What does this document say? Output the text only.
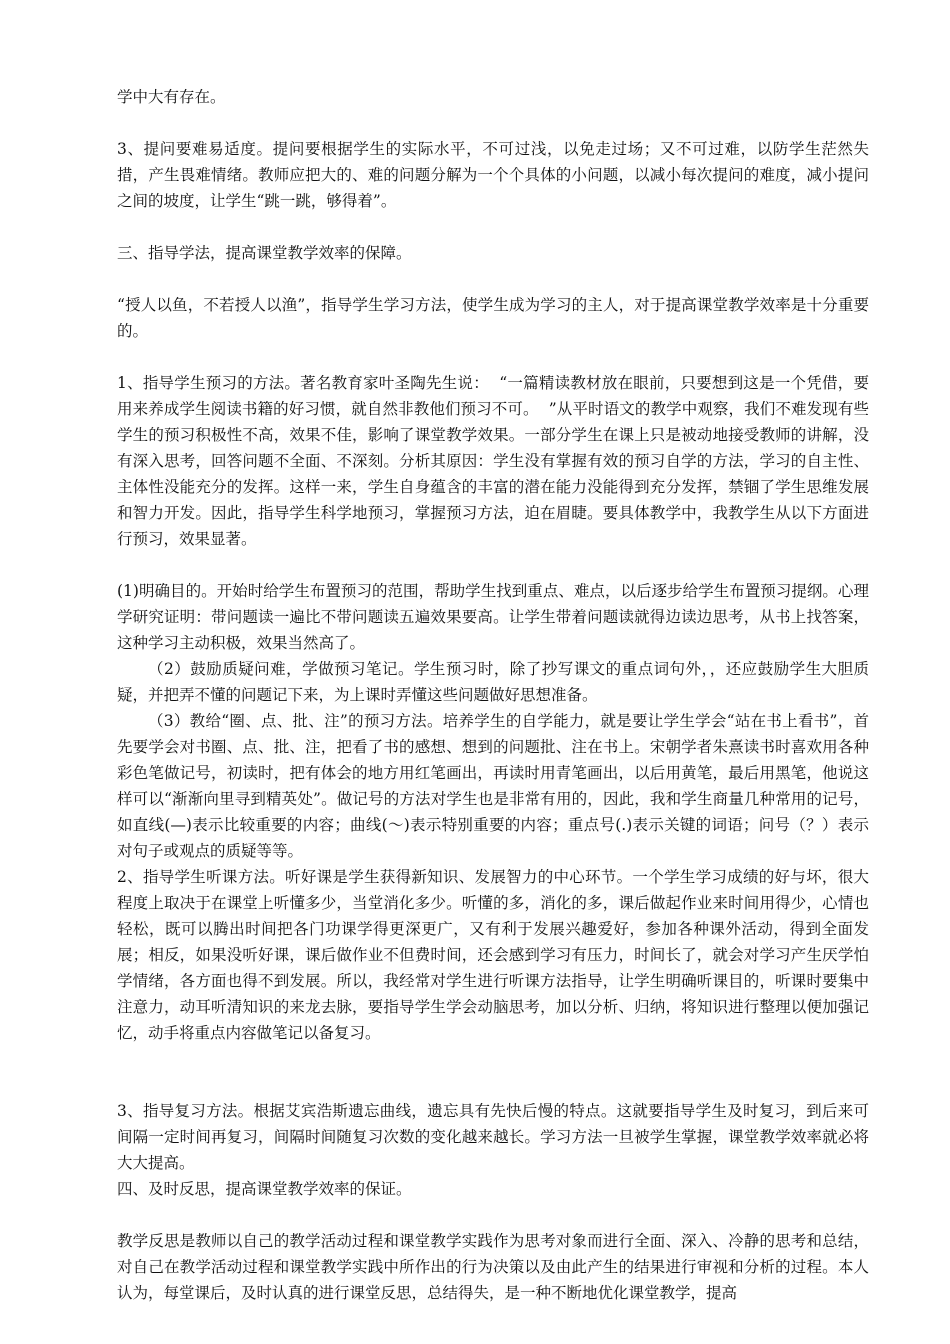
学中大有存在。
3、提问要难易适度。提问要根据学生的实际水平，不可过浅，以免走过场；又不可过难，以防学生茫然失措，产生畏难情绪。教师应把大的、难的问题分解为一个个具体的小问题，以减小每次提问的难度，减小提问之间的坡度，让学生“跳一跳，够得着”。
三、指导学法，提高课堂教学效率的保障。
“授人以鱼，不若授人以渔”，指导学生学习方法，使学生成为学习的主人，对于提高课堂教学效率是十分重要的。
1、指导学生预习的方法。著名教育家叶圣陶先生说：  “一篇精读教材放在眼前，只要想到这是一个凭借，要用来养成学生阅读书籍的好习惯，就自然非教他们预习不可。  ”从平时语文的教学中观察，我们不难发现有些学生的预习积极性不高，效果不佳，影响了课堂教学效果。一部分学生在课上只是被动地接受教师的讲解，没有深入思考，回答问题不全面、不深刻。分析其原因：学生没有掌握有效的预习自学的方法，学习的自主性、主体性没能充分的发挥。这样一来，学生自身蕴含的丰富的潜在能力没能得到充分发挥，禁锢了学生思维发展和智力开发。因此，指导学生科学地预习，掌握预习方法，迫在眉睫。要具体教学中，我教学生从以下方面进行预习，效果显著。
(1)明确目的。开始时给学生布置预习的范围，帮助学生找到重点、难点，以后逐步给学生布置预习提纲。心理学研究证明：带问题读一遍比不带问题读五遍效果要高。让学生带着问题读就得边读边思考，从书上找答案，这种学习主动积极，效果当然高了。
（2）鼓励质疑问难，学做预习笔记。学生预习时，除了抄写课文的重点词句外，，还应鼓励学生大胆质疑，并把弄不懂的问题记下来，为上课时弄懂这些问题做好思想准备。
（3）教给“圈、点、批、注”的预习方法。培养学生的自学能力，就是要让学生学会“站在书上看书”，首先要学会对书圈、点、批、注，把看了书的感想、想到的问题批、注在书上。宋朝学者朱熹读书时喜欢用各种彩色笔做记号，初读时，把有体会的地方用红笔画出，再读时用青笔画出，以后用黄笔，最后用黑笔，他说这样可以“渐渐向里寻到精英处”。做记号的方法对学生也是非常有用的，因此，我和学生商量几种常用的记号，如直线(—)表示比较重要的内容；曲线(～)表示特别重要的内容；重点号(.)表示关键的词语；问号（？）表示对句子或观点的质疑等等。
2、指导学生听课方法。听好课是学生获得新知识、发展智力的中心环节。一个学生学习成绩的好与坏，很大程度上取决于在课堂上听懂多少，当堂消化多少。听懂的多，消化的多，课后做起作业来时间用得少，心情也轻松，既可以腾出时间把各门功课学得更深更广，又有利于发展兴趣爱好，参加各种课外活动，得到全面发展；相反，如果没听好课，课后做作业不但费时间，还会感到学习有压力，时间长了，就会对学习产生厌学怕学情绪，各方面也得不到发展。所以，我经常对学生进行听课方法指导，让学生明确听课目的，听课时要集中注意力，动耳听清知识的来龙去脉，要指导学生学会动脑思考，加以分析、归纳，将知识进行整理以便加强记忆，动手将重点内容做笔记以备复习。
3、指导复习方法。根据艾宾浩斯遗忘曲线，遗忘具有先快后慢的特点。这就要指导学生及时复习，到后来可间隔一定时间再复习，间隔时间随复习次数的变化越来越长。学习方法一旦被学生掌握，课堂教学效率就必将大大提高。
四、及时反思，提高课堂教学效率的保证。
教学反思是教师以自己的教学活动过程和课堂教学实践作为思考对象而进行全面、深入、冷静的思考和总结，对自己在教学活动过程和课堂教学实践中所作出的行为决策以及由此产生的结果进行审视和分析的过程。本人认为，每堂课后，及时认真的进行课堂反思，总结得失，是一种不断地优化课堂教学，提高
